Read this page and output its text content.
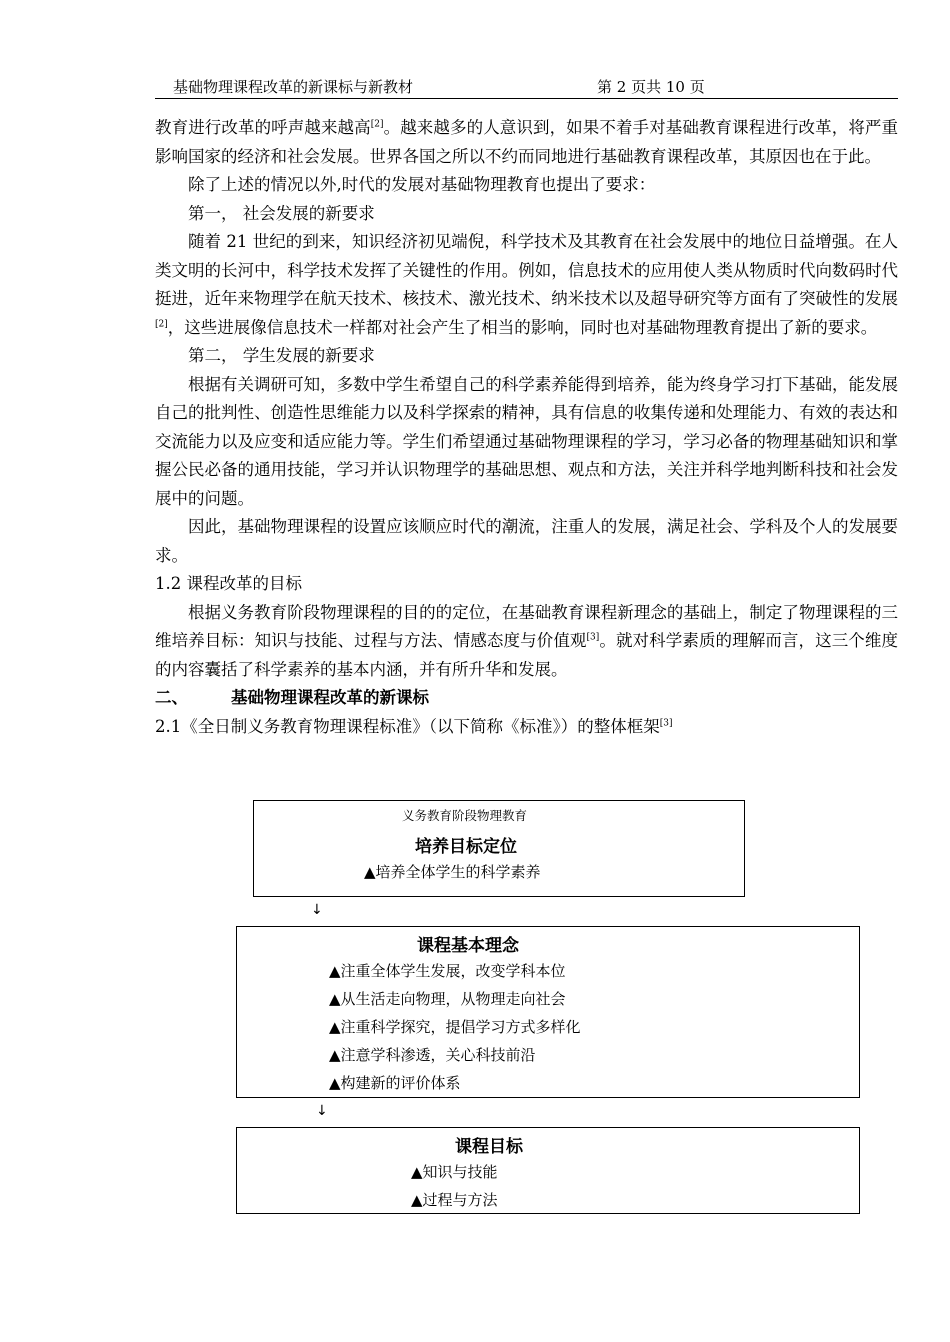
基础物理课程改革的新课标与新教材	第 2 页共 10 页

教育进行改革的呼声越来越高[2]。越来越多的人意识到，如果不着手对基础教育课程进行改革，将严重影响国家的经济和社会发展。世界各国之所以不约而同地进行基础教育课程改革，其原因也在于此。

除了上述的情况以外,时代的发展对基础物理教育也提出了要求：

第一， 社会发展的新要求

随着 21 世纪的到来，知识经济初见端倪，科学技术及其教育在社会发展中的地位日益增强。在人类文明的长河中，科学技术发挥了关键性的作用。例如，信息技术的应用使人类从物质时代向数码时代挺进，近年来物理学在航天技术、核技术、激光技术、纳米技术以及超导研究等方面有了突破性的发展[2]，这些进展像信息技术一样都对社会产生了相当的影响，同时也对基础物理教育提出了新的要求。

第二， 学生发展的新要求

根据有关调研可知，多数中学生希望自己的科学素养能得到培养，能为终身学习打下基础，能发展自己的批判性、创造性思维能力以及科学探索的精神，具有信息的收集传递和处理能力、有效的表达和交流能力以及应变和适应能力等。学生们希望通过基础物理课程的学习，学习必备的物理基础知识和掌握公民必备的通用技能，学习并认识物理学的基础思想、观点和方法，关注并科学地判断科技和社会发展中的问题。

因此，基础物理课程的设置应该顺应时代的潮流，注重人的发展，满足社会、学科及个人的发展要求。

1.2 课程改革的目标

根据义务教育阶段物理课程的目的的定位，在基础教育课程新理念的基础上，制定了物理课程的三维培养目标：知识与技能、过程与方法、情感态度与价值观[3]。就对科学素质的理解而言，这三个维度的内容囊括了科学素养的基本内涵，并有所升华和发展。

二、	基础物理课程改革的新课标

2.1《全日制义务教育物理课程标准》（以下简称《标准》）的整体框架[3]

义务教育阶段物理教育
培养目标定位
▲培养全体学生的科学素养
↓
课程基本理念
▲注重全体学生发展，改变学科本位
▲从生活走向物理，从物理走向社会
▲注重科学探究，提倡学习方式多样化
▲注意学科渗透，关心科技前沿
▲构建新的评价体系
↓
课程目标
▲知识与技能
▲过程与方法
